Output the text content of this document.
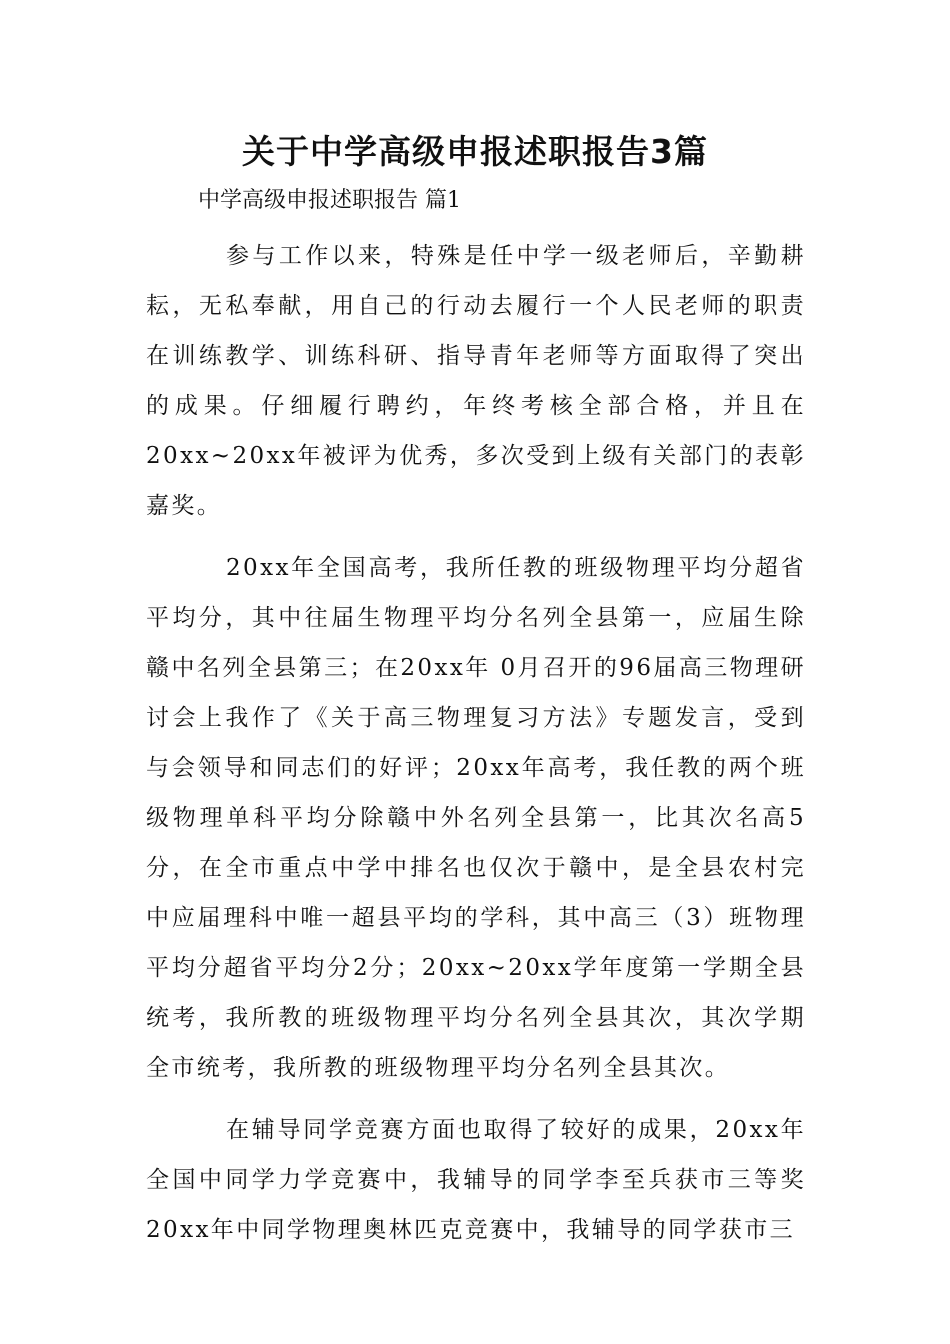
关于中学高级申报述职报告3篇
中学高级申报述职报告 篇1

参与工作以来，特殊是任中学一级老师后，辛勤耕耘，无私奉献，用自己的行动去履行一个人民老师的职责在训练教学、训练科研、指导青年老师等方面取得了突出的成果。仔细履行聘约，年终考核全部合格，并且在20xx~20xx年被评为优秀，多次受到上级有关部门的表彰嘉奖。

20xx年全国高考，我所任教的班级物理平均分超省平均分，其中往届生物理平均分名列全县第一，应届生除赣中名列全县第三；在20xx年 0月召开的96届高三物理研讨会上我作了《关于高三物理复习方法》专题发言，受到与会领导和同志们的好评；20xx年高考，我任教的两个班级物理单科平均分除赣中外名列全县第一，比其次名高5分，在全市重点中学中排名也仅次于赣中，是全县农村完中应届理科中唯一超县平均的学科，其中高三（3）班物理平均分超省平均分2分；20xx~20xx学年度第一学期全县统考，我所教的班级物理平均分名列全县其次，其次学期全市统考，我所教的班级物理平均分名列全县其次。

在辅导同学竞赛方面也取得了较好的成果，20xx年全国中同学力学竞赛中，我辅导的同学李至兵获市三等奖20xx年中同学物理奥林匹克竞赛中，我辅导的同学获市三
